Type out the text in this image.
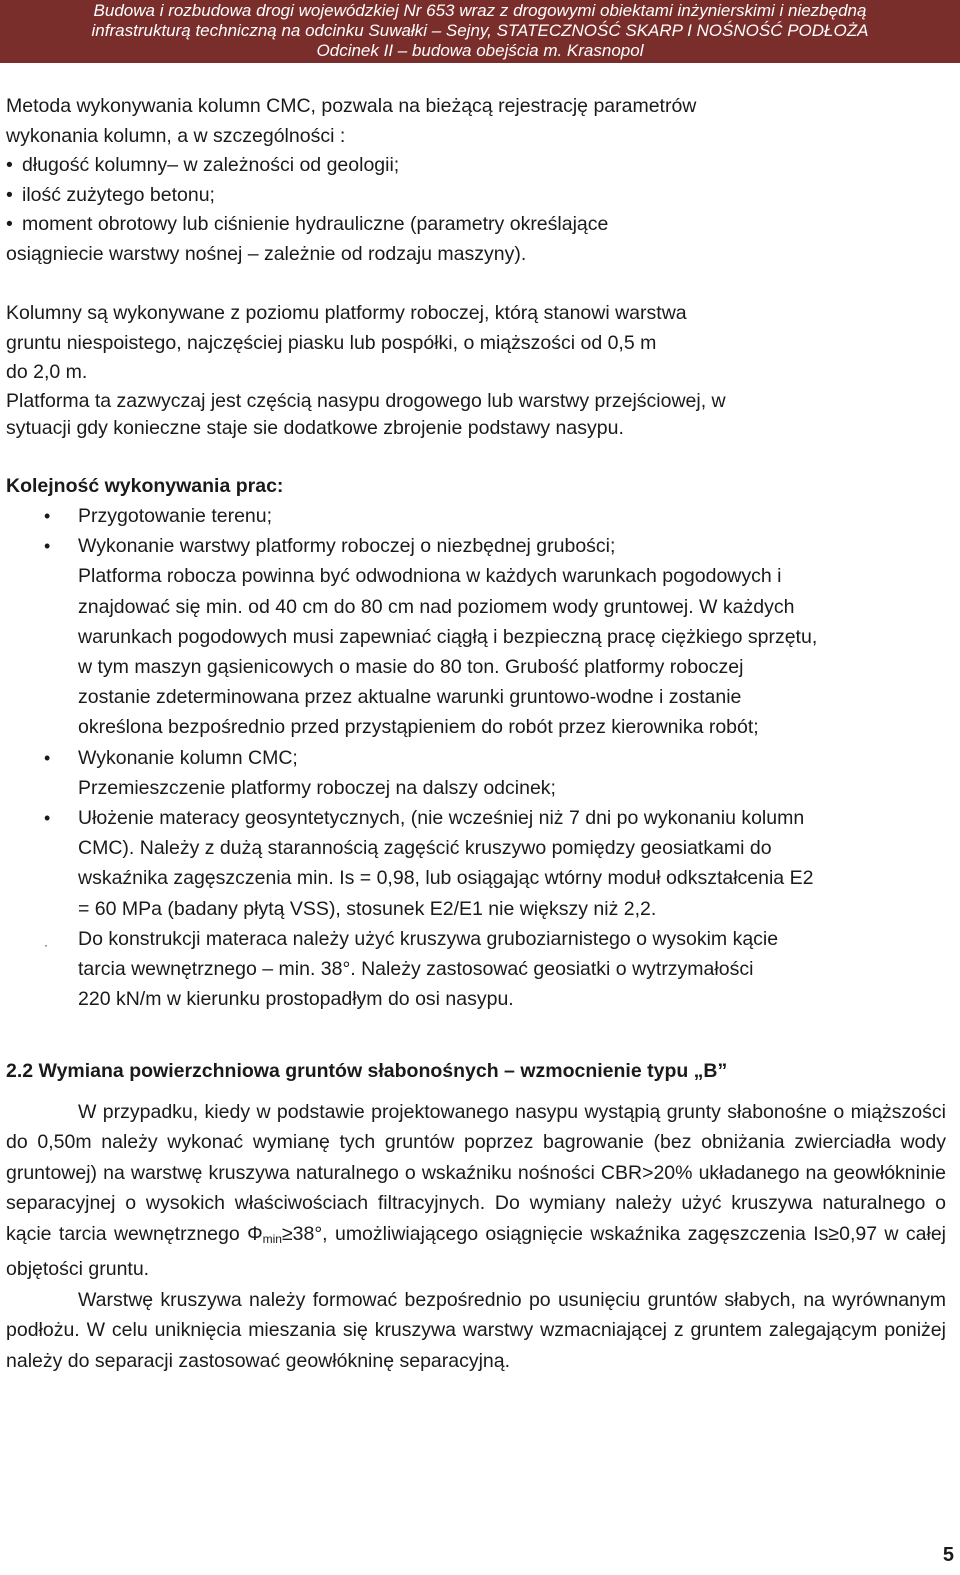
Budowa i rozbudowa drogi wojewódzkiej Nr 653 wraz z drogowymi obiektami inżynierskimi i niezbędną
infrastrukturą techniczną na odcinku Suwałki – Sejny, STATECZNOŚĆ SKARP I NOŚNOŚĆ PODŁOŻA
Odcinek II – budowa obejścia m. Krasnopol

Metoda wykonywania kolumn CMC, pozwala na bieżącą rejestrację parametrów

wykonania kolumn, a w szczególności :

• długość kolumny– w zależności od geologii;
• ilość zużytego betonu;
• moment obrotowy lub ciśnienie hydrauliczne (parametry określające

osiągniecie warstwy nośnej – zależnie od rodzaju maszyny).

Kolumny są wykonywane z poziomu platformy roboczej, którą stanowi warstwa

gruntu niespoistego, najczęściej piasku lub pospółki, o miąższości od 0,5 m

do 2,0 m.

Platforma ta zazwyczaj jest częścią nasypu drogowego lub warstwy przejściowej, w

sytuacji gdy konieczne staje sie dodatkowe zbrojenie podstawy nasypu.

Kolejność wykonywania prac:

• Przygotowanie terenu;
• Wykonanie warstwy platformy roboczej o niezbędnej grubości;
Platforma robocza powinna być odwodniona w każdych warunkach pogodowych i
znajdować się min. od 40 cm do 80 cm nad poziomem wody gruntowej. W każdych
warunkach pogodowych musi zapewniać ciągłą i bezpieczną pracę ciężkiego sprzętu,
w tym maszyn gąsienicowych o masie do 80 ton. Grubość platformy roboczej
zostanie zdeterminowana przez aktualne warunki gruntowo-wodne i zostanie
określona bezpośrednio przed przystąpieniem do robót przez kierownika robót;
• Wykonanie kolumn CMC;
Przemieszczenie platformy roboczej na dalszy odcinek;
• Ułożenie materacy geosyntetycznych, (nie wcześniej niż 7 dni po wykonaniu kolumn
CMC). Należy z dużą starannością zagęścić kruszywo pomiędzy geosiatkami do
wskaźnika zagęszczenia min. Is = 0,98, lub osiągając wtórny moduł odkształcenia E2
= 60 MPa (badany płytą VSS), stosunek E2/E1 nie większy niż 2,2.
· Do konstrukcji materaca należy użyć kruszywa gruboziarnistego o wysokim kącie
tarcia wewnętrznego – min. 38°. Należy zastosować geosiatki o wytrzymałości
220 kN/m w kierunku prostopadłym do osi nasypu.

2.2 Wymiana powierzchniowa gruntów słabonośnych – wzmocnienie typu „B”

W przypadku, kiedy w podstawie projektowanego nasypu wystąpią grunty słabonośne o miąższości do 0,50m należy wykonać wymianę tych gruntów poprzez bagrowanie (bez obniżania zwierciadła wody gruntowej) na warstwę kruszywa naturalnego o wskaźniku nośności CBR>20% układanego na geowłókninie separacyjnej o wysokich właściwościach filtracyjnych. Do wymiany należy użyć kruszywa naturalnego o kącie tarcia wewnętrznego $\Phi_{min}\ge 38^\circ$, umożliwiającego osiągnięcie wskaźnika zagęszczenia Is≥0,97 w całej objętości gruntu.

Warstwę kruszywa należy formować bezpośrednio po usunięciu gruntów słabych, na wyrównanym podłożu. W celu uniknięcia mieszania się kruszywa warstwy wzmacniającej z gruntem zalegającym poniżej należy do separacji zastosować geowłókninę separacyjną.

5
